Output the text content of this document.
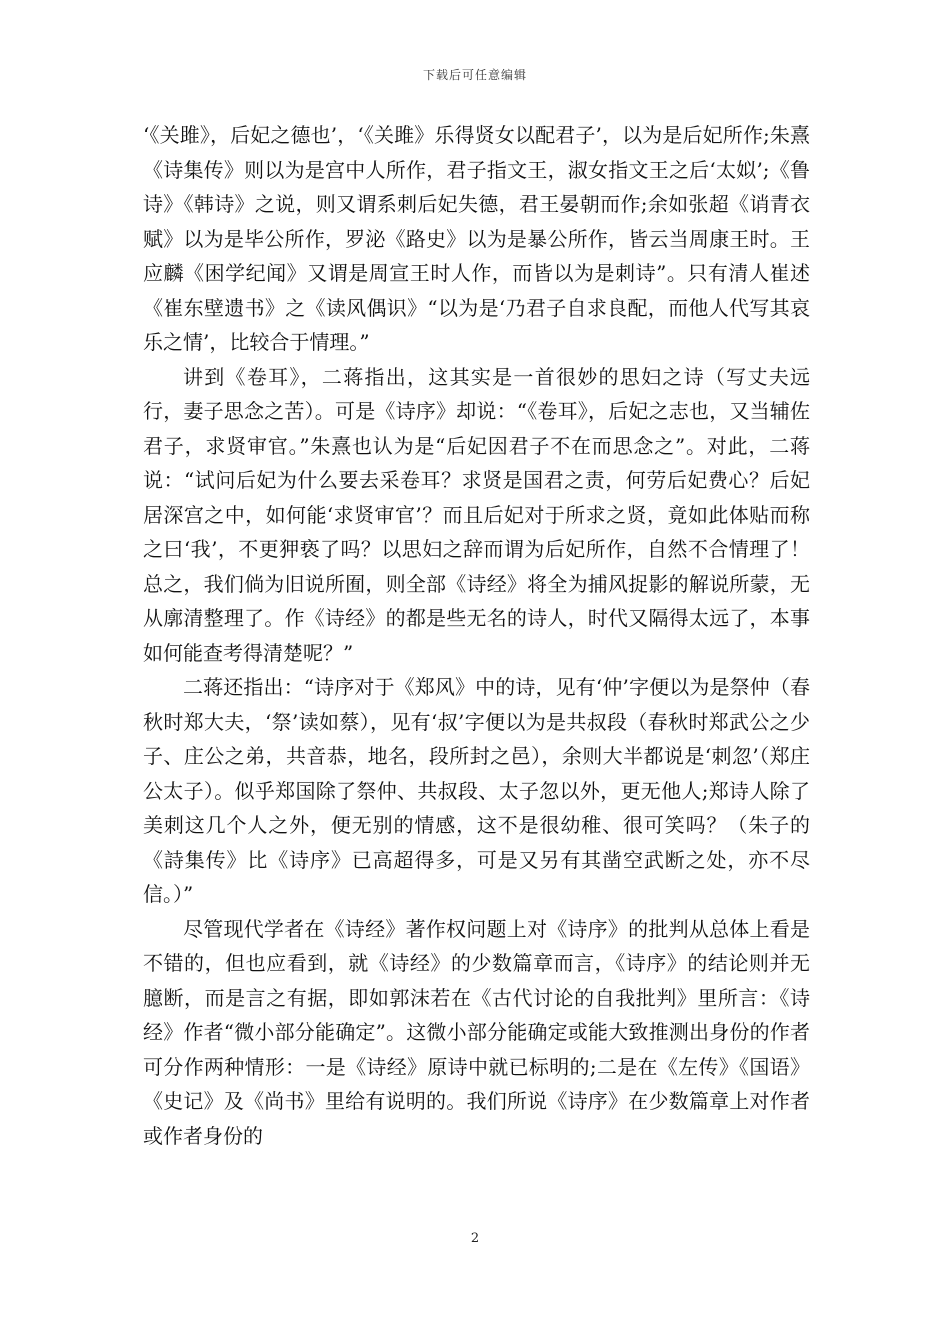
下载后可任意编辑

‘《关雎》，后妃之德也’，‘《关雎》乐得贤女以配君子’，以为是后妃所作;朱熹《诗集传》则以为是宫中人所作，君子指文王，淑女指文王之后‘太姒’;《鲁诗》《韩诗》之说，则又谓系刺后妃失德，君王晏朝而作;余如张超《诮青衣赋》以为是毕公所作，罗泌《路史》以为是暴公所作，皆云当周康王时。王应麟《困学纪闻》又谓是周宣王时人作，而皆以为是刺诗”。只有清人崔述《崔东壁遗书》之《读风偶识》“以为是‘乃君子自求良配，而他人代写其哀乐之情’，比较合于情理。”

讲到《卷耳》，二蒋指出，这其实是一首很妙的思妇之诗（写丈夫远行，妻子思念之苦）。可是《诗序》却说：“《卷耳》，后妃之志也，又当辅佐君子，求贤审官。”朱熹也认为是“后妃因君子不在而思念之”。对此，二蒋说：“试问后妃为什么要去采卷耳？求贤是国君之责，何劳后妃费心？后妃居深宫之中，如何能‘求贤审官’？而且后妃对于所求之贤，竟如此体贴而称之曰‘我’，不更狎亵了吗？以思妇之辞而谓为后妃所作，自然不合情理了！总之，我们倘为旧说所囿，则全部《诗经》将全为捕风捉影的解说所蒙，无从廓清整理了。作《诗经》的都是些无名的诗人，时代又隔得太远了，本事如何能查考得清楚呢？”

二蒋还指出：“诗序对于《郑风》中的诗，见有‘仲’字便以为是祭仲（春秋时郑大夫，‘祭’读如蔡），见有‘叔’字便以为是共叔段（春秋时郑武公之少子、庄公之弟，共音恭，地名，段所封之邑），余则大半都说是‘刺忽’（郑庄公太子）。似乎郑国除了祭仲、共叔段、太子忽以外，更无他人;郑诗人除了美刺这几个人之外，便无别的情感，这不是很幼稚、很可笑吗？（朱子的《詩集传》比《诗序》已高超得多，可是又另有其凿空武断之处，亦不尽信。）”

尽管现代学者在《诗经》著作权问题上对《诗序》的批判从总体上看是不错的，但也应看到，就《诗经》的少数篇章而言，《诗序》的结论则并无臆断，而是言之有据，即如郭沫若在《古代讨论的自我批判》里所言：《诗经》作者“微小部分能确定”。这微小部分能确定或能大致推测出身份的作者可分作两种情形：一是《诗经》原诗中就已标明的;二是在《左传》《国语》《史记》及《尚书》里给有说明的。我们所说《诗序》在少数篇章上对作者或作者身份的

2
